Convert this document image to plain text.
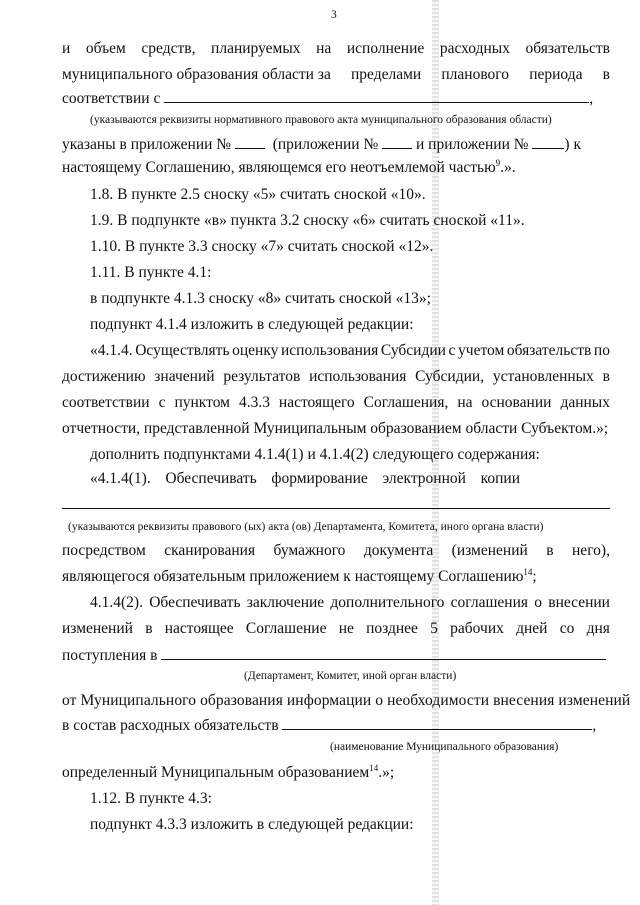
3
и объем средств, планируемых на исполнение расходных обязательств
муниципального образования области за пределами планового периода в
соответствии с	,
(указываются реквизиты нормативного правового акта муниципального образования области)
указаны в приложении №	(приложении № и приложении № ) к
настоящему Соглашению, являющемся его неотъемлемой частью$^9$.».
1.8. В пункте 2.5 сноску «5» считать сноской «10».
1.9. В подпункте «в» пункта 3.2 сноску «6» считать сноской «11».
1.10. В пункте 3.3 сноску «7» считать сноской «12».
1.11. В пункте 4.1:
в подпункте 4.1.3 сноску «8» считать сноской «13»;
подпункт 4.1.4 изложить в следующей редакции:
«4.1.4. Осуществлять оценку использования Субсидии с учетом обязательств по
достижению значений результатов использования Субсидии, установленных в
соответствии с пунктом 4.3.3 настоящего Соглашения, на основании данных
отчетности, представленной Муниципальным образованием области Субъектом.»;
дополнить подпунктами 4.1.4(1) и 4.1.4(2) следующего содержания:
«4.1.4(1). Обеспечивать формирование электронной копии
(указываются реквизиты правового (ых) акта (ов) Департамента, Комитета, иного органа власти)
посредством сканирования бумажного документа (изменений в него),
являющегося обязательным приложением к настоящему Соглашению$^{14}$;
4.1.4(2). Обеспечивать заключение дополнительного соглашения о внесении
изменений в настоящее Соглашение не позднее 5 рабочих дней со дня
поступления в
(Департамент, Комитет, иной орган власти)
от Муниципального образования информации о необходимости внесения изменений
в состав расходных обязательств	,
(наименование Муниципального образования)
определенный Муниципальным образованием$^{14}$.»;
1.12. В пункте 4.3:
подпункт 4.3.3 изложить в следующей редакции:
